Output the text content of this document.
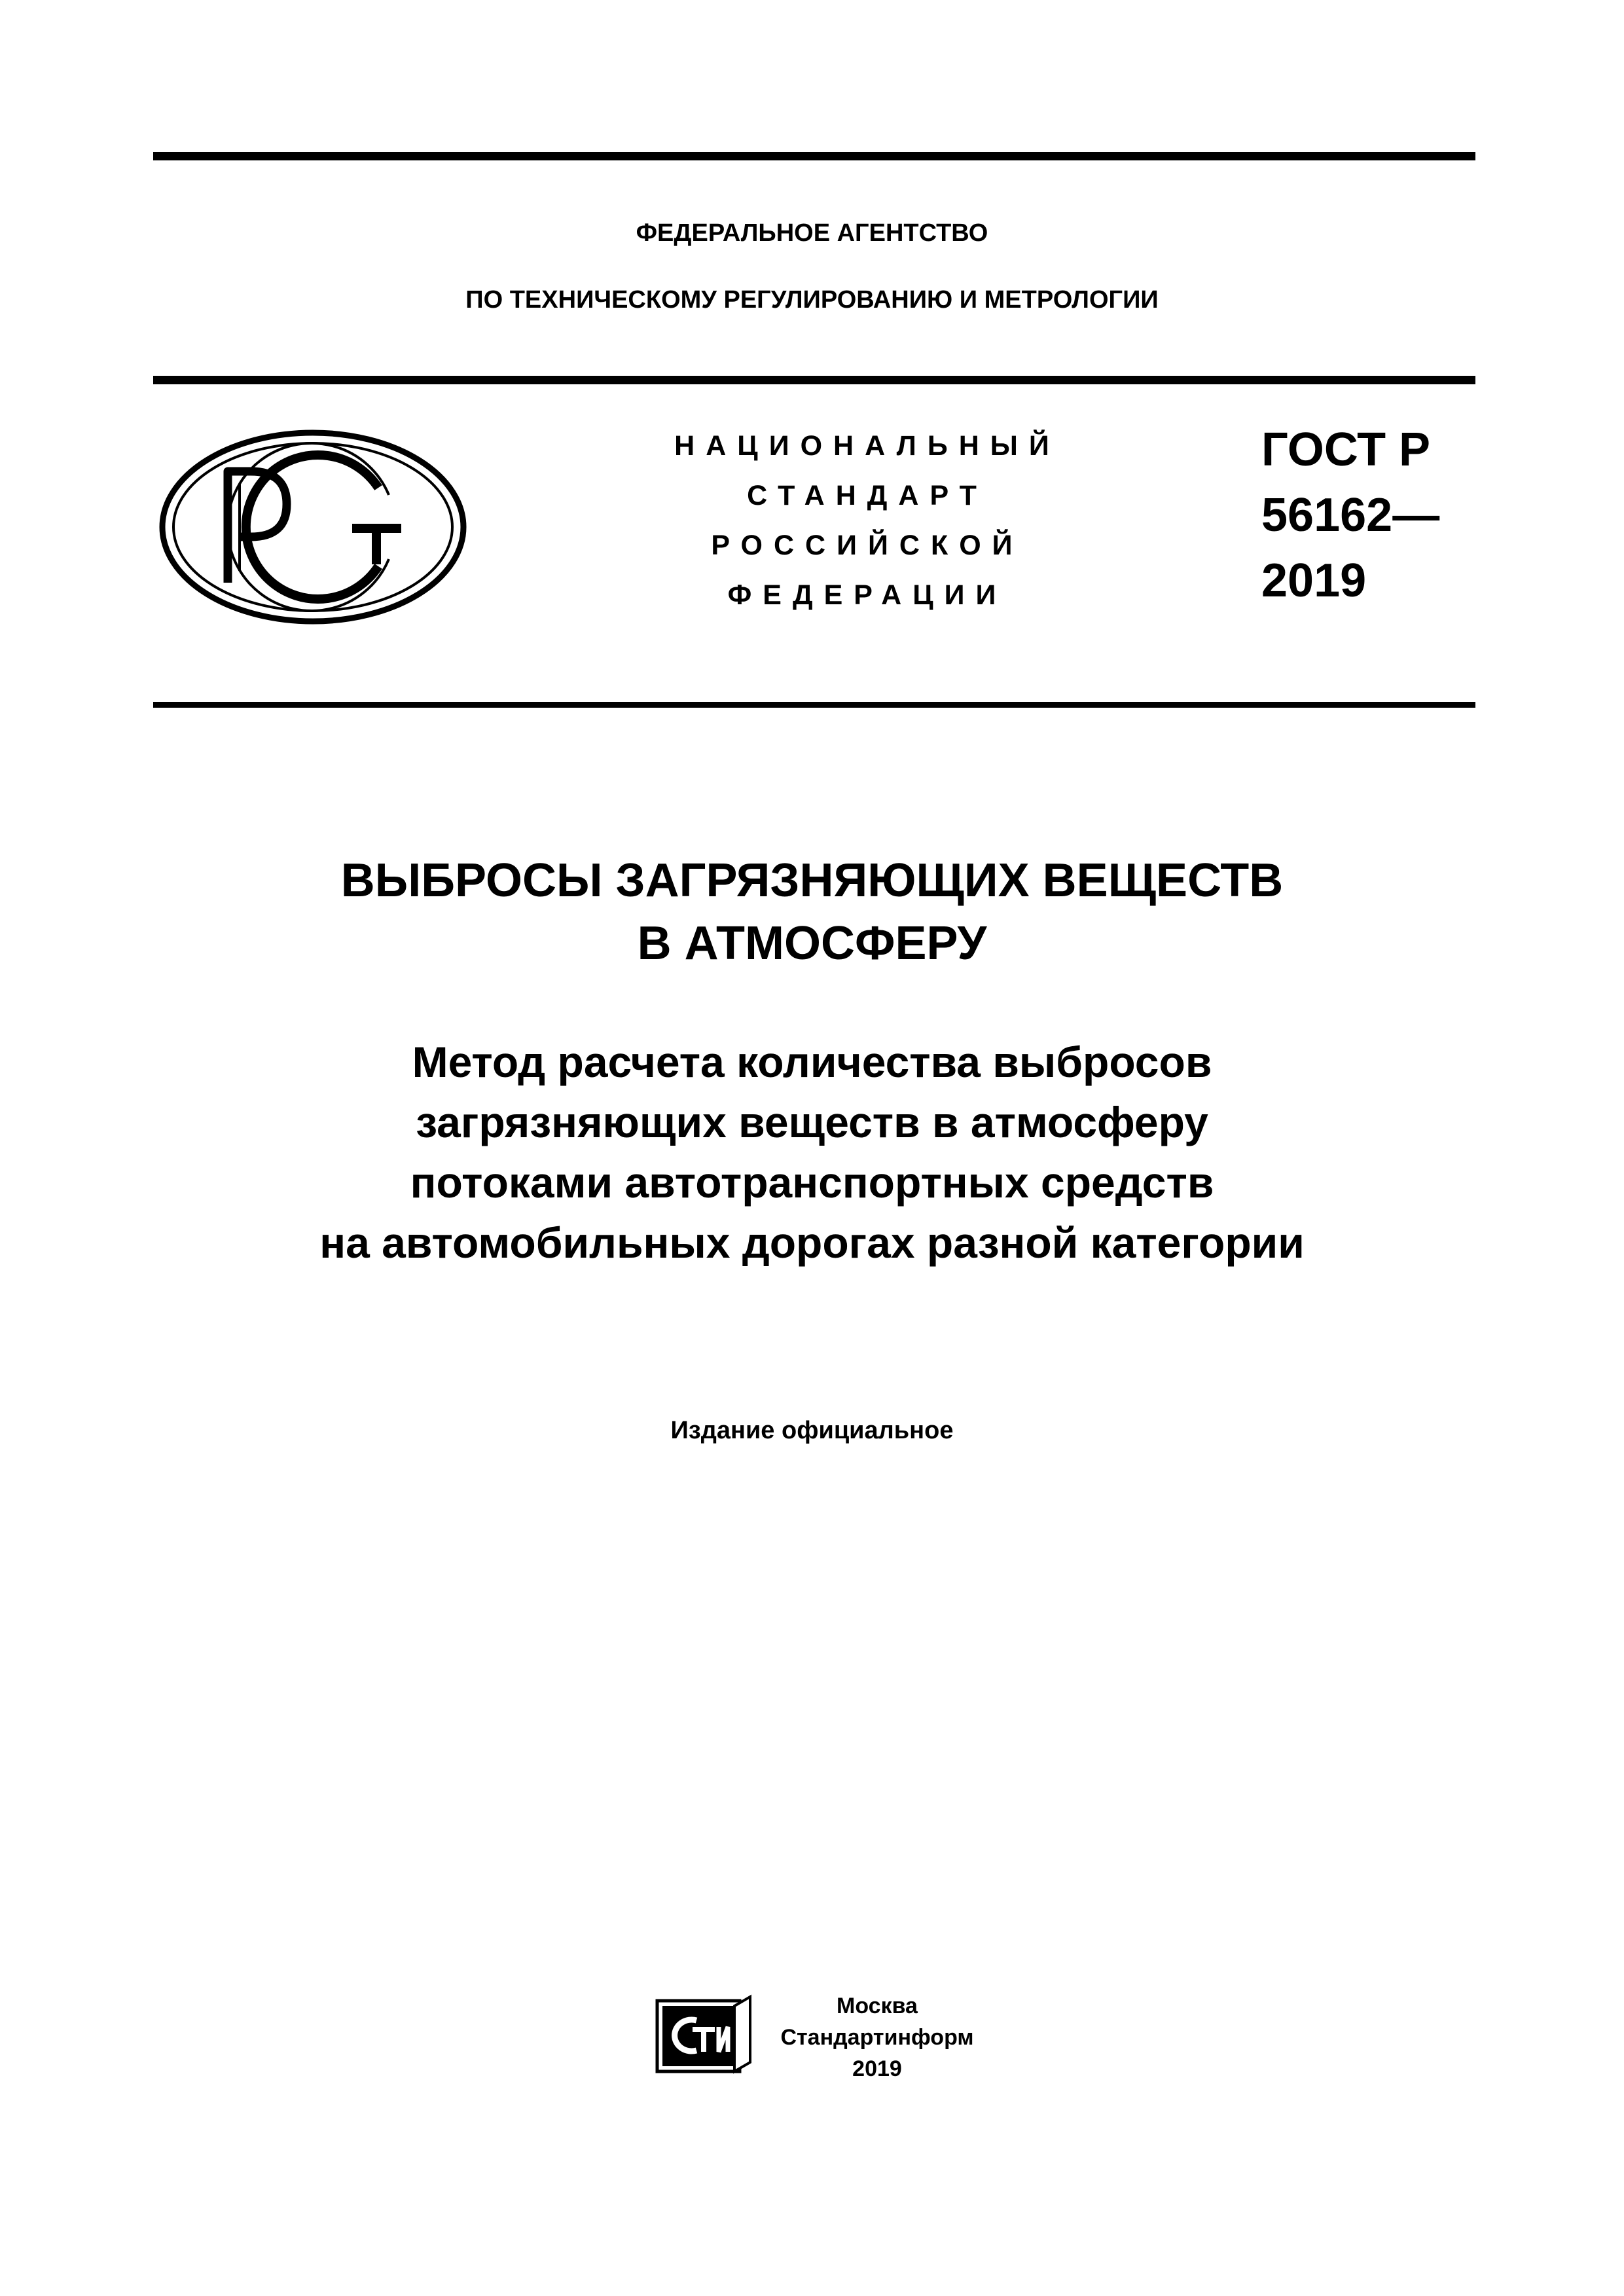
ФЕДЕРАЛЬНОЕ АГЕНТСТВО
ПО ТЕХНИЧЕСКОМУ РЕГУЛИРОВАНИЮ И МЕТРОЛОГИИ
НАЦИОНАЛЬНЫЙ
СТАНДАРТ
РОССИЙСКОЙ
ФЕДЕРАЦИИ
ГОСТ Р
56162—
2019
ВЫБРОСЫ ЗАГРЯЗНЯЮЩИХ ВЕЩЕСТВ
В АТМОСФЕРУ
Метод расчета количества выбросов
загрязняющих веществ в атмосферу
потоками автотранспортных средств
на автомобильных дорогах разной категории
Издание официальное
Москва
Стандартинформ
2019
